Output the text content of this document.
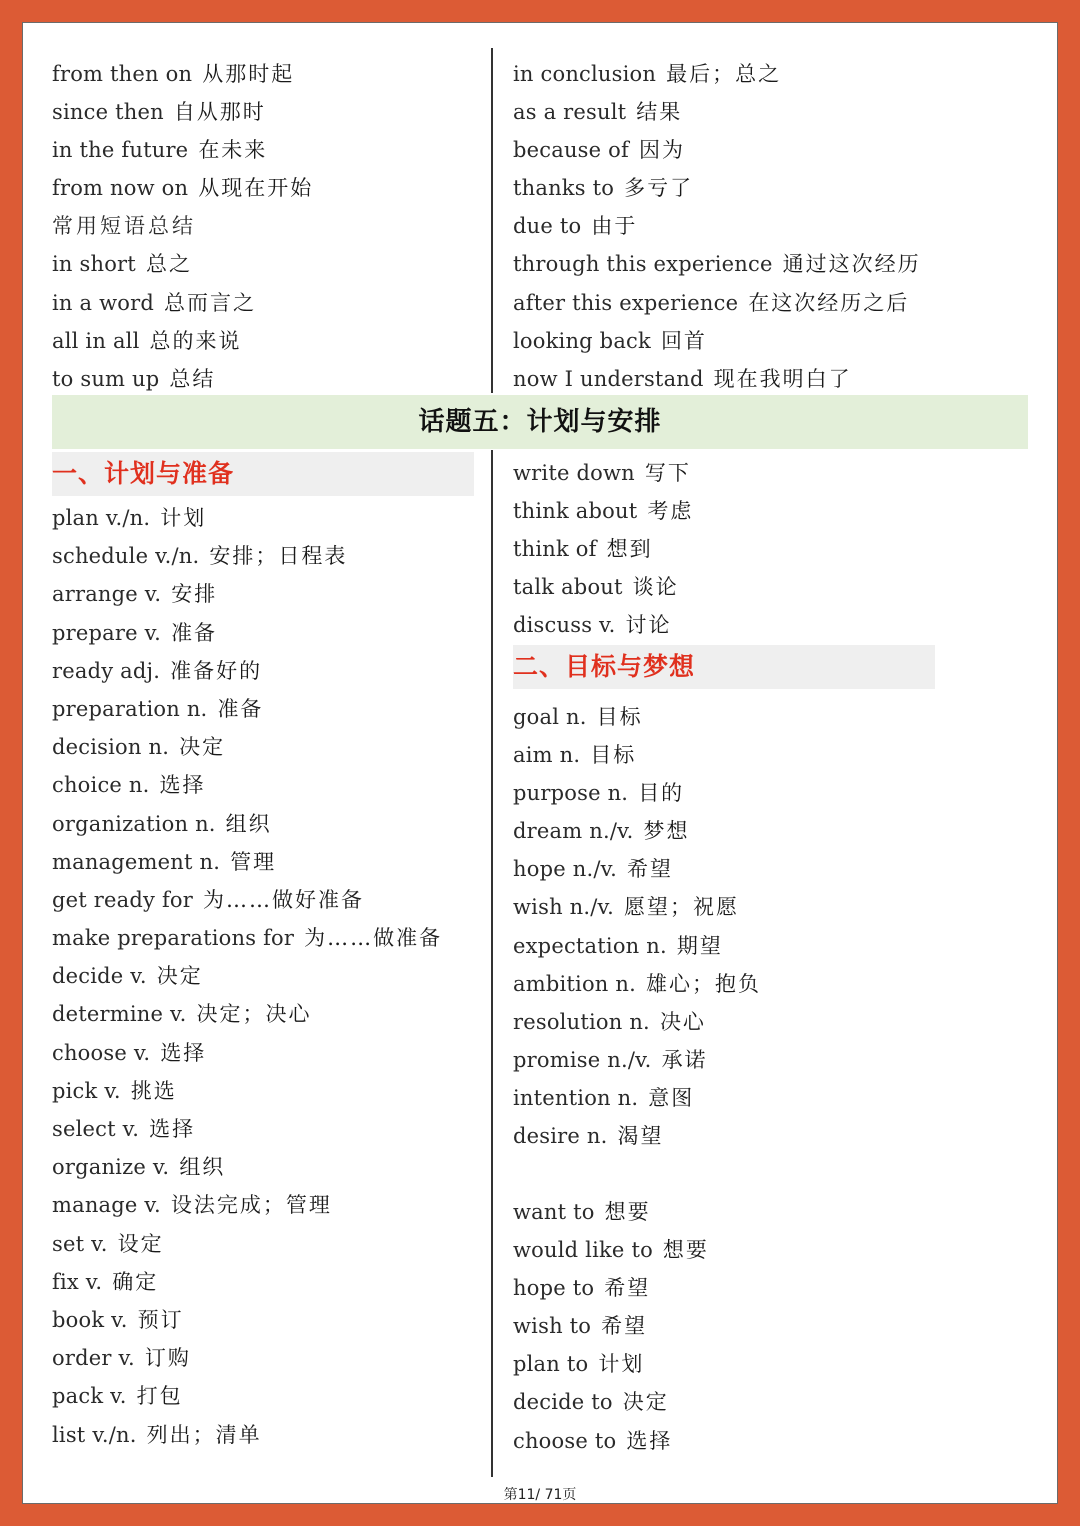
from then on 从那时起
since then 自从那时
in the future 在未来
from now on 从现在开始
常用短语总结
in short 总之
in a word 总而言之
all in all 总的来说
to sum up 总结
in conclusion 最后；总之
as a result 结果
because of 因为
thanks to 多亏了
due to 由于
through this experience 通过这次经历
after this experience 在这次经历之后
looking back 回首
now I understand 现在我明白了
话题五：计划与安排
一、计划与准备
plan v./n. 计划
schedule v./n. 安排；日程表
arrange v. 安排
prepare v. 准备
ready adj. 准备好的
preparation n. 准备
decision n. 决定
choice n. 选择
organization n. 组织
management n. 管理
get ready for 为……做好准备
make preparations for 为……做准备
decide v. 决定
determine v. 决定；决心
choose v. 选择
pick v. 挑选
select v. 选择
organize v. 组织
manage v. 设法完成；管理
set v. 设定
fix v. 确定
book v. 预订
order v. 订购
pack v. 打包
list v./n. 列出；清单
write down 写下
think about 考虑
think of 想到
talk about 谈论
discuss v. 讨论
二、目标与梦想
goal n. 目标
aim n. 目标
purpose n. 目的
dream n./v. 梦想
hope n./v. 希望
wish n./v. 愿望；祝愿
expectation n. 期望
ambition n. 雄心；抱负
resolution n. 决心
promise n./v. 承诺
intention n. 意图
desire n. 渴望
want to 想要
would like to 想要
hope to 希望
wish to 希望
plan to 计划
decide to 决定
choose to 选择
第11/ 71页
